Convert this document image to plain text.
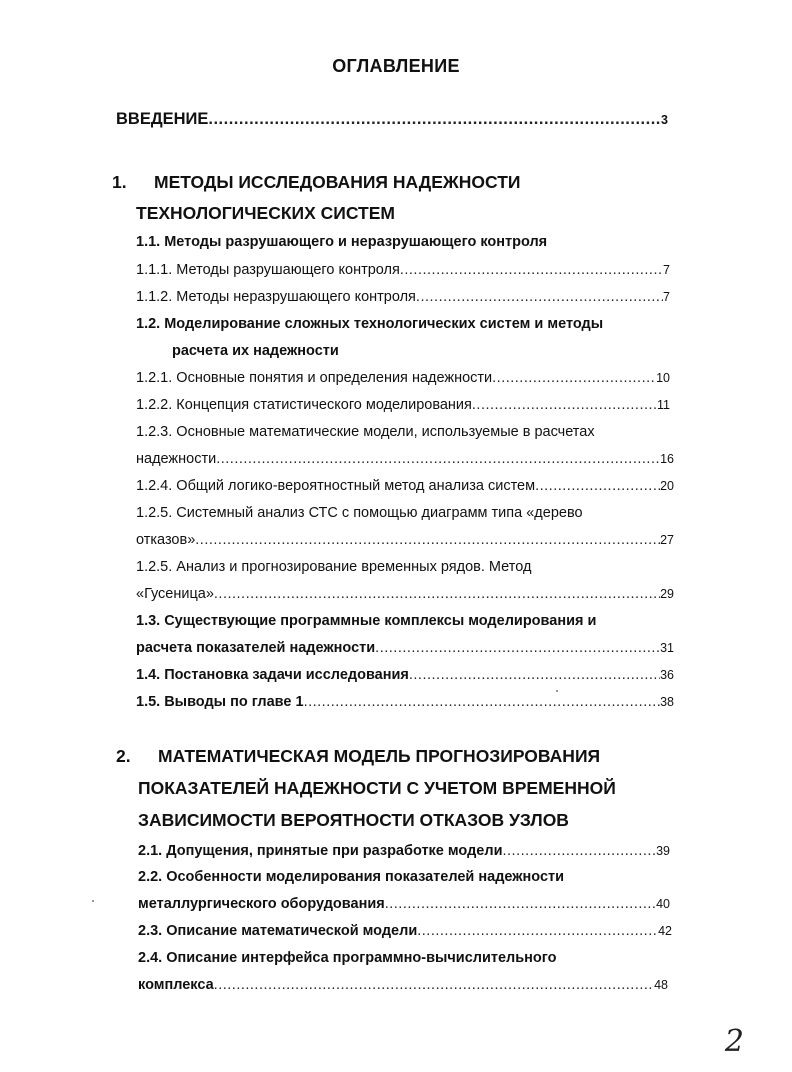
ОГЛАВЛЕНИЕ
ВВЕДЕНИЕ .....	3
1. МЕТОДЫ ИССЛЕДОВАНИЯ НАДЕЖНОСТИ
ТЕХНОЛОГИЧЕСКИХ СИСТЕМ
1.1. Методы разрушающего и неразрушающего контроля
1.1.1. Методы разрушающего контроля .....	7
1.1.2. Методы неразрушающего контроля .....	7
1.2. Моделирование сложных технологических систем и методы
расчета их надежности
1.2.1. Основные понятия и определения надежности .....	10
1.2.2. Концепция статистического моделирования .....	11
1.2.3. Основные математические модели, используемые в расчетах
надежности .....	16
1.2.4. Общий логико-вероятностный метод анализа систем .....	20
1.2.5. Системный анализ СТС с помощью диаграмм типа «дерево
отказов» .....	27
1.2.5. Анализ и прогнозирование временных рядов. Метод
«Гусеница» .....	29
1.3. Существующие программные комплексы моделирования и
расчета показателей надежности .....	31
1.4. Постановка задачи исследования .....	36
1.5. Выводы по главе 1 .....	38
2. МАТЕМАТИЧЕСКАЯ МОДЕЛЬ ПРОГНОЗИРОВАНИЯ
ПОКАЗАТЕЛЕЙ НАДЕЖНОСТИ С УЧЕТОМ ВРЕМЕННОЙ
ЗАВИСИМОСТИ ВЕРОЯТНОСТИ ОТКАЗОВ УЗЛОВ
2.1. Допущения, принятые при разработке модели .....	39
2.2. Особенности моделирования показателей надежности
металлургического оборудования .....	40
2.3. Описание математической модели .....	42
2.4. Описание интерфейса программно-вычислительного
комплекса .....	48
2
